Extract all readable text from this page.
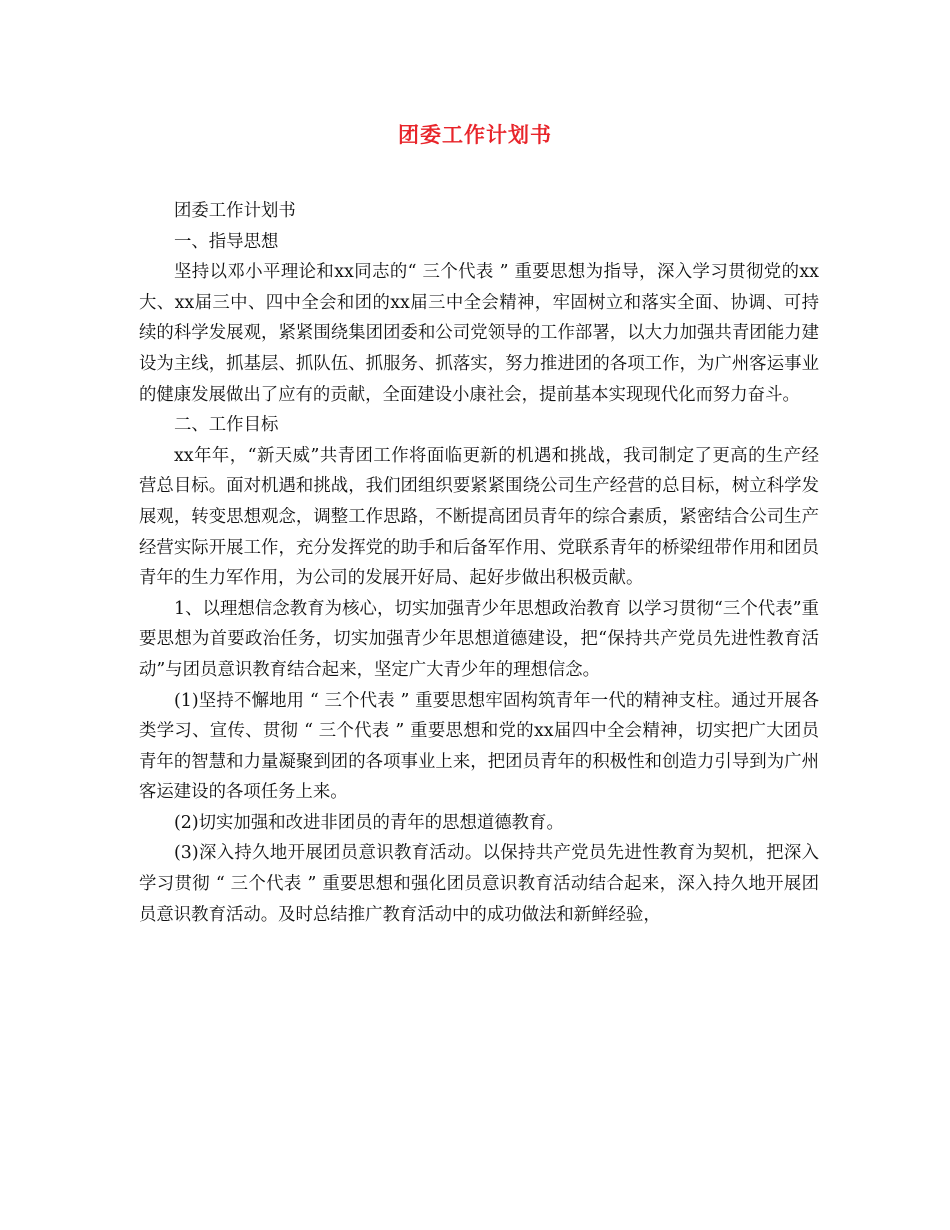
团委工作计划书

团委工作计划书

一、指导思想

坚持以邓小平理论和xx同志的“ 三个代表 ” 重要思想为指导，深入学习贯彻党的xx大、xx届三中、四中全会和团的xx届三中全会精神，牢固树立和落实全面、协调、可持续的科学发展观，紧紧围绕集团团委和公司党领导的工作部署，以大力加强共青团能力建设为主线，抓基层、抓队伍、抓服务、抓落实，努力推进团的各项工作，为广州客运事业的健康发展做出了应有的贡献，全面建设小康社会，提前基本实现现代化而努力奋斗。

二、工作目标

xx年年，“新天威”共青团工作将面临更新的机遇和挑战，我司制定了更高的生产经营总目标。面对机遇和挑战，我们团组织要紧紧围绕公司生产经营的总目标，树立科学发展观，转变思想观念，调整工作思路，不断提高团员青年的综合素质，紧密结合公司生产经营实际开展工作，充分发挥党的助手和后备军作用、党联系青年的桥梁纽带作用和团员青年的生力军作用，为公司的发展开好局、起好步做出积极贡献。

1、以理想信念教育为核心，切实加强青少年思想政治教育 以学习贯彻“三个代表”重要思想为首要政治任务，切实加强青少年思想道德建设，把“保持共产党员先进性教育活动”与团员意识教育结合起来，坚定广大青少年的理想信念。

(1)坚持不懈地用 “ 三个代表 ” 重要思想牢固构筑青年一代的精神支柱。通过开展各类学习、宣传、贯彻 “ 三个代表 ” 重要思想和党的xx届四中全会精神，切实把广大团员青年的智慧和力量凝聚到团的各项事业上来，把团员青年的积极性和创造力引导到为广州客运建设的各项任务上来。

(2)切实加强和改进非团员的青年的思想道德教育。

(3)深入持久地开展团员意识教育活动。以保持共产党员先进性教育为契机，把深入学习贯彻 “ 三个代表 ” 重要思想和强化团员意识教育活动结合起来，深入持久地开展团员意识教育活动。及时总结推广教育活动中的成功做法和新鲜经验，
